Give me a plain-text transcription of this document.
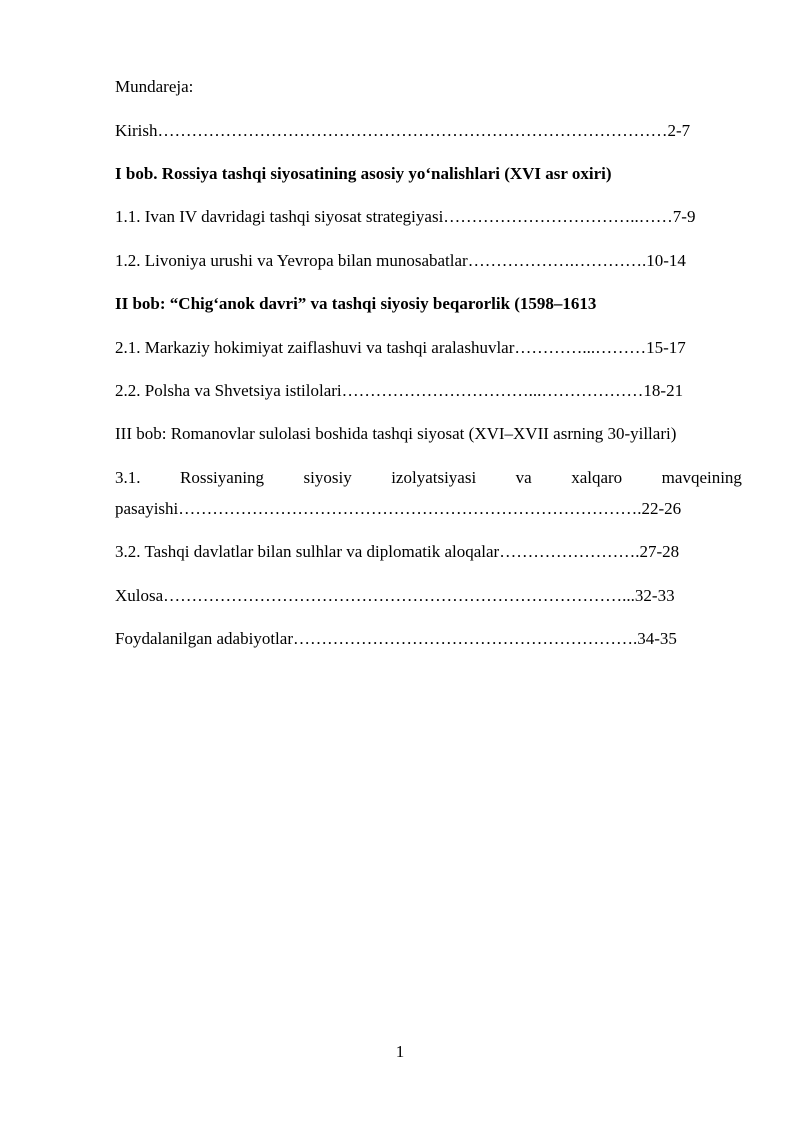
Mundareja:
Kirish………………………………………………………………………………2-7
I bob. Rossiya tashqi siyosatining asosiy yo‘nalishlari (XVI asr oxiri)
1.1. Ivan IV davridagi tashqi siyosat strategiyasi……………………………..……7-9
1.2. Livoniya urushi va Yevropa bilan munosabatlar……………….………….10-14
II bob: “Chig‘anok davri” va tashqi siyosiy beqarorlik (1598–1613
2.1. Markaziy hokimiyat zaiflashuvi va tashqi aralashuvlar…………...………15-17
2.2. Polsha va Shvetsiya istilolari……………………………...………………18-21
III bob: Romanovlar sulolasi boshida tashqi siyosat (XVI–XVII asrning 30-yillari)
3.1. Rossiyaning siyosiy izolyatsiyasi va xalqaro mavqeining
pasayishi……………………………………………………………………….22-26
3.2. Tashqi davlatlar bilan sulhlar va diplomatik aloqalar…………………….27-28
Xulosa………………………………………………………………………...32-33
Foydalanilgan adabiyotlar…………………………………………………….34-35
1
